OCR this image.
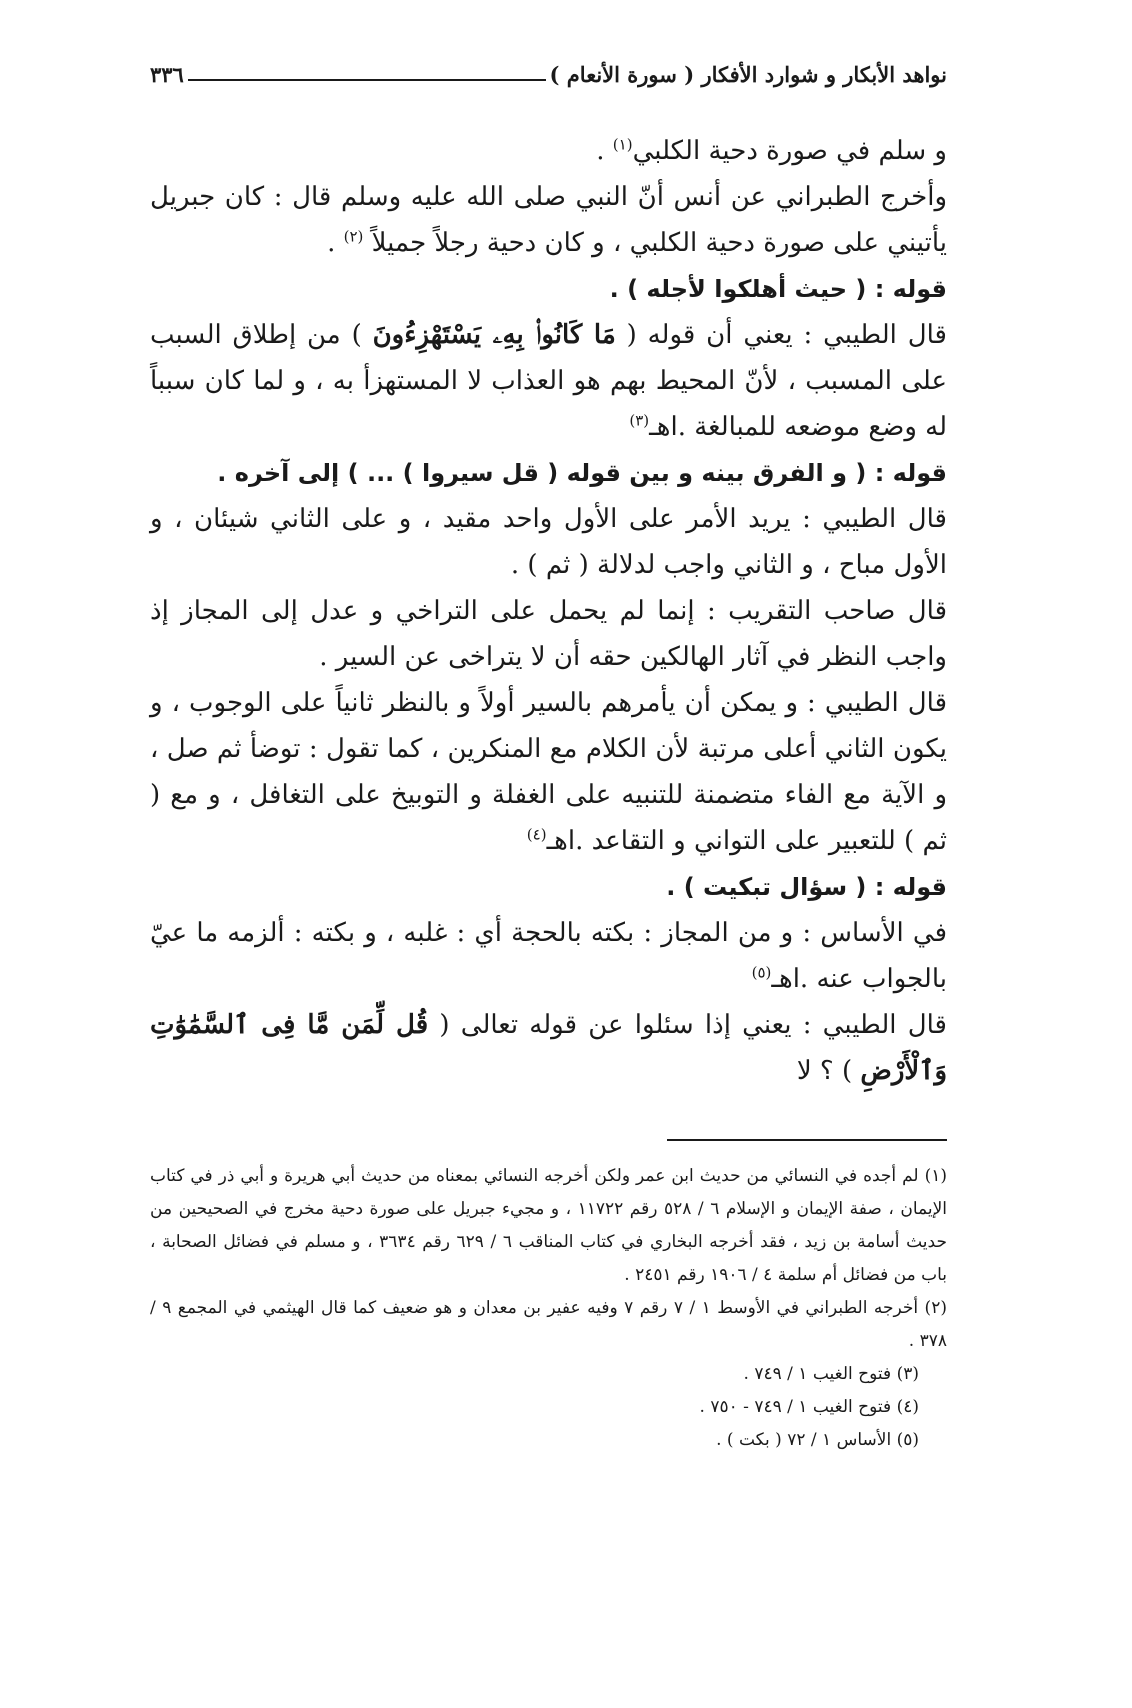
نواهد الأبكار و شوارد الأفكار ( سورة الأنعام )
٣٣٦

و سلم في صورة دحية الكلبي$^{(١)}$ .

وأخرج الطبراني عن أنس أنّ النبي صلى الله عليه وسلم قال : كان جبريل يأتيني على صورة دحية الكلبي ، و كان دحية رجلاً جميلاً $^{(٢)}$ .

قوله : ( حيث أهلكوا لأجله ) .

قال الطيبي : يعني أن قوله ( مَا كَانُوا۟ بِهِۦ يَسْتَهْزِءُونَ ) من إطلاق السبب على المسبب ، لأنّ المحيط بهم هو العذاب لا المستهزأ به ، و لما كان سبباً له وضع موضعه للمبالغة .اهـ$^{(٣)}$

قوله : ( و الفرق بينه و بين قوله ( قل سيروا ) ... ) إلى آخره .

قال الطيبي : يريد الأمر على الأول واحد مقيد ، و على الثاني شيئان ، و الأول مباح ، و الثاني واجب لدلالة ( ثم ) .

قال صاحب التقريب : إنما لم يحمل على التراخي و عدل إلى المجاز إذ واجب النظر في آثار الهالكين حقه أن لا يتراخى عن السير .

قال الطيبي : و يمكن أن يأمرهم بالسير أولاً و بالنظر ثانياً على الوجوب ، و يكون الثاني أعلى مرتبة لأن الكلام مع المنكرين ، كما تقول : توضأ ثم صل ، و الآية مع الفاء متضمنة للتنبيه على الغفلة و التوبيخ على التغافل ، و مع ( ثم ) للتعبير على التواني و التقاعد .اهـ$^{(٤)}$

قوله : ( سؤال تبكيت ) .

في الأساس : و من المجاز : بكته بالحجة أي : غلبه ، و بكته : ألزمه ما عيّ بالجواب عنه .اهـ$^{(٥)}$

قال الطيبي : يعني إذا سئلوا عن قوله تعالى ( قُل لِّمَن مَّا فِى ٱلسَّمَٰوَٰتِ وَٱلْأَرْضِ ) ؟ لا

(١) لم أجده في النسائي من حديث ابن عمر ولكن أخرجه النسائي بمعناه من حديث أبي هريرة و أبي ذر في كتاب الإيمان ، صفة الإيمان و الإسلام ٦ / ٥٢٨ رقم ١١٧٢٢ ، و مجيء جبريل على صورة دحية مخرج في الصحيحين من حديث أسامة بن زيد ، فقد أخرجه البخاري في كتاب المناقب ٦ / ٦٢٩ رقم ٣٦٣٤ ، و مسلم في فضائل الصحابة ، باب من فضائل أم سلمة ٤ / ١٩٠٦ رقم ٢٤٥١ .

(٢) أخرجه الطبراني في الأوسط ١ / ٧ رقم ٧ وفيه عفير بن معدان و هو ضعيف كما قال الهيثمي في المجمع ٩ / ٣٧٨ .

(٣) فتوح الغيب ١ / ٧٤٩ .

(٤) فتوح الغيب ١ / ٧٤٩ - ٧٥٠ .

(٥) الأساس ١ / ٧٢ ( بكت ) .
